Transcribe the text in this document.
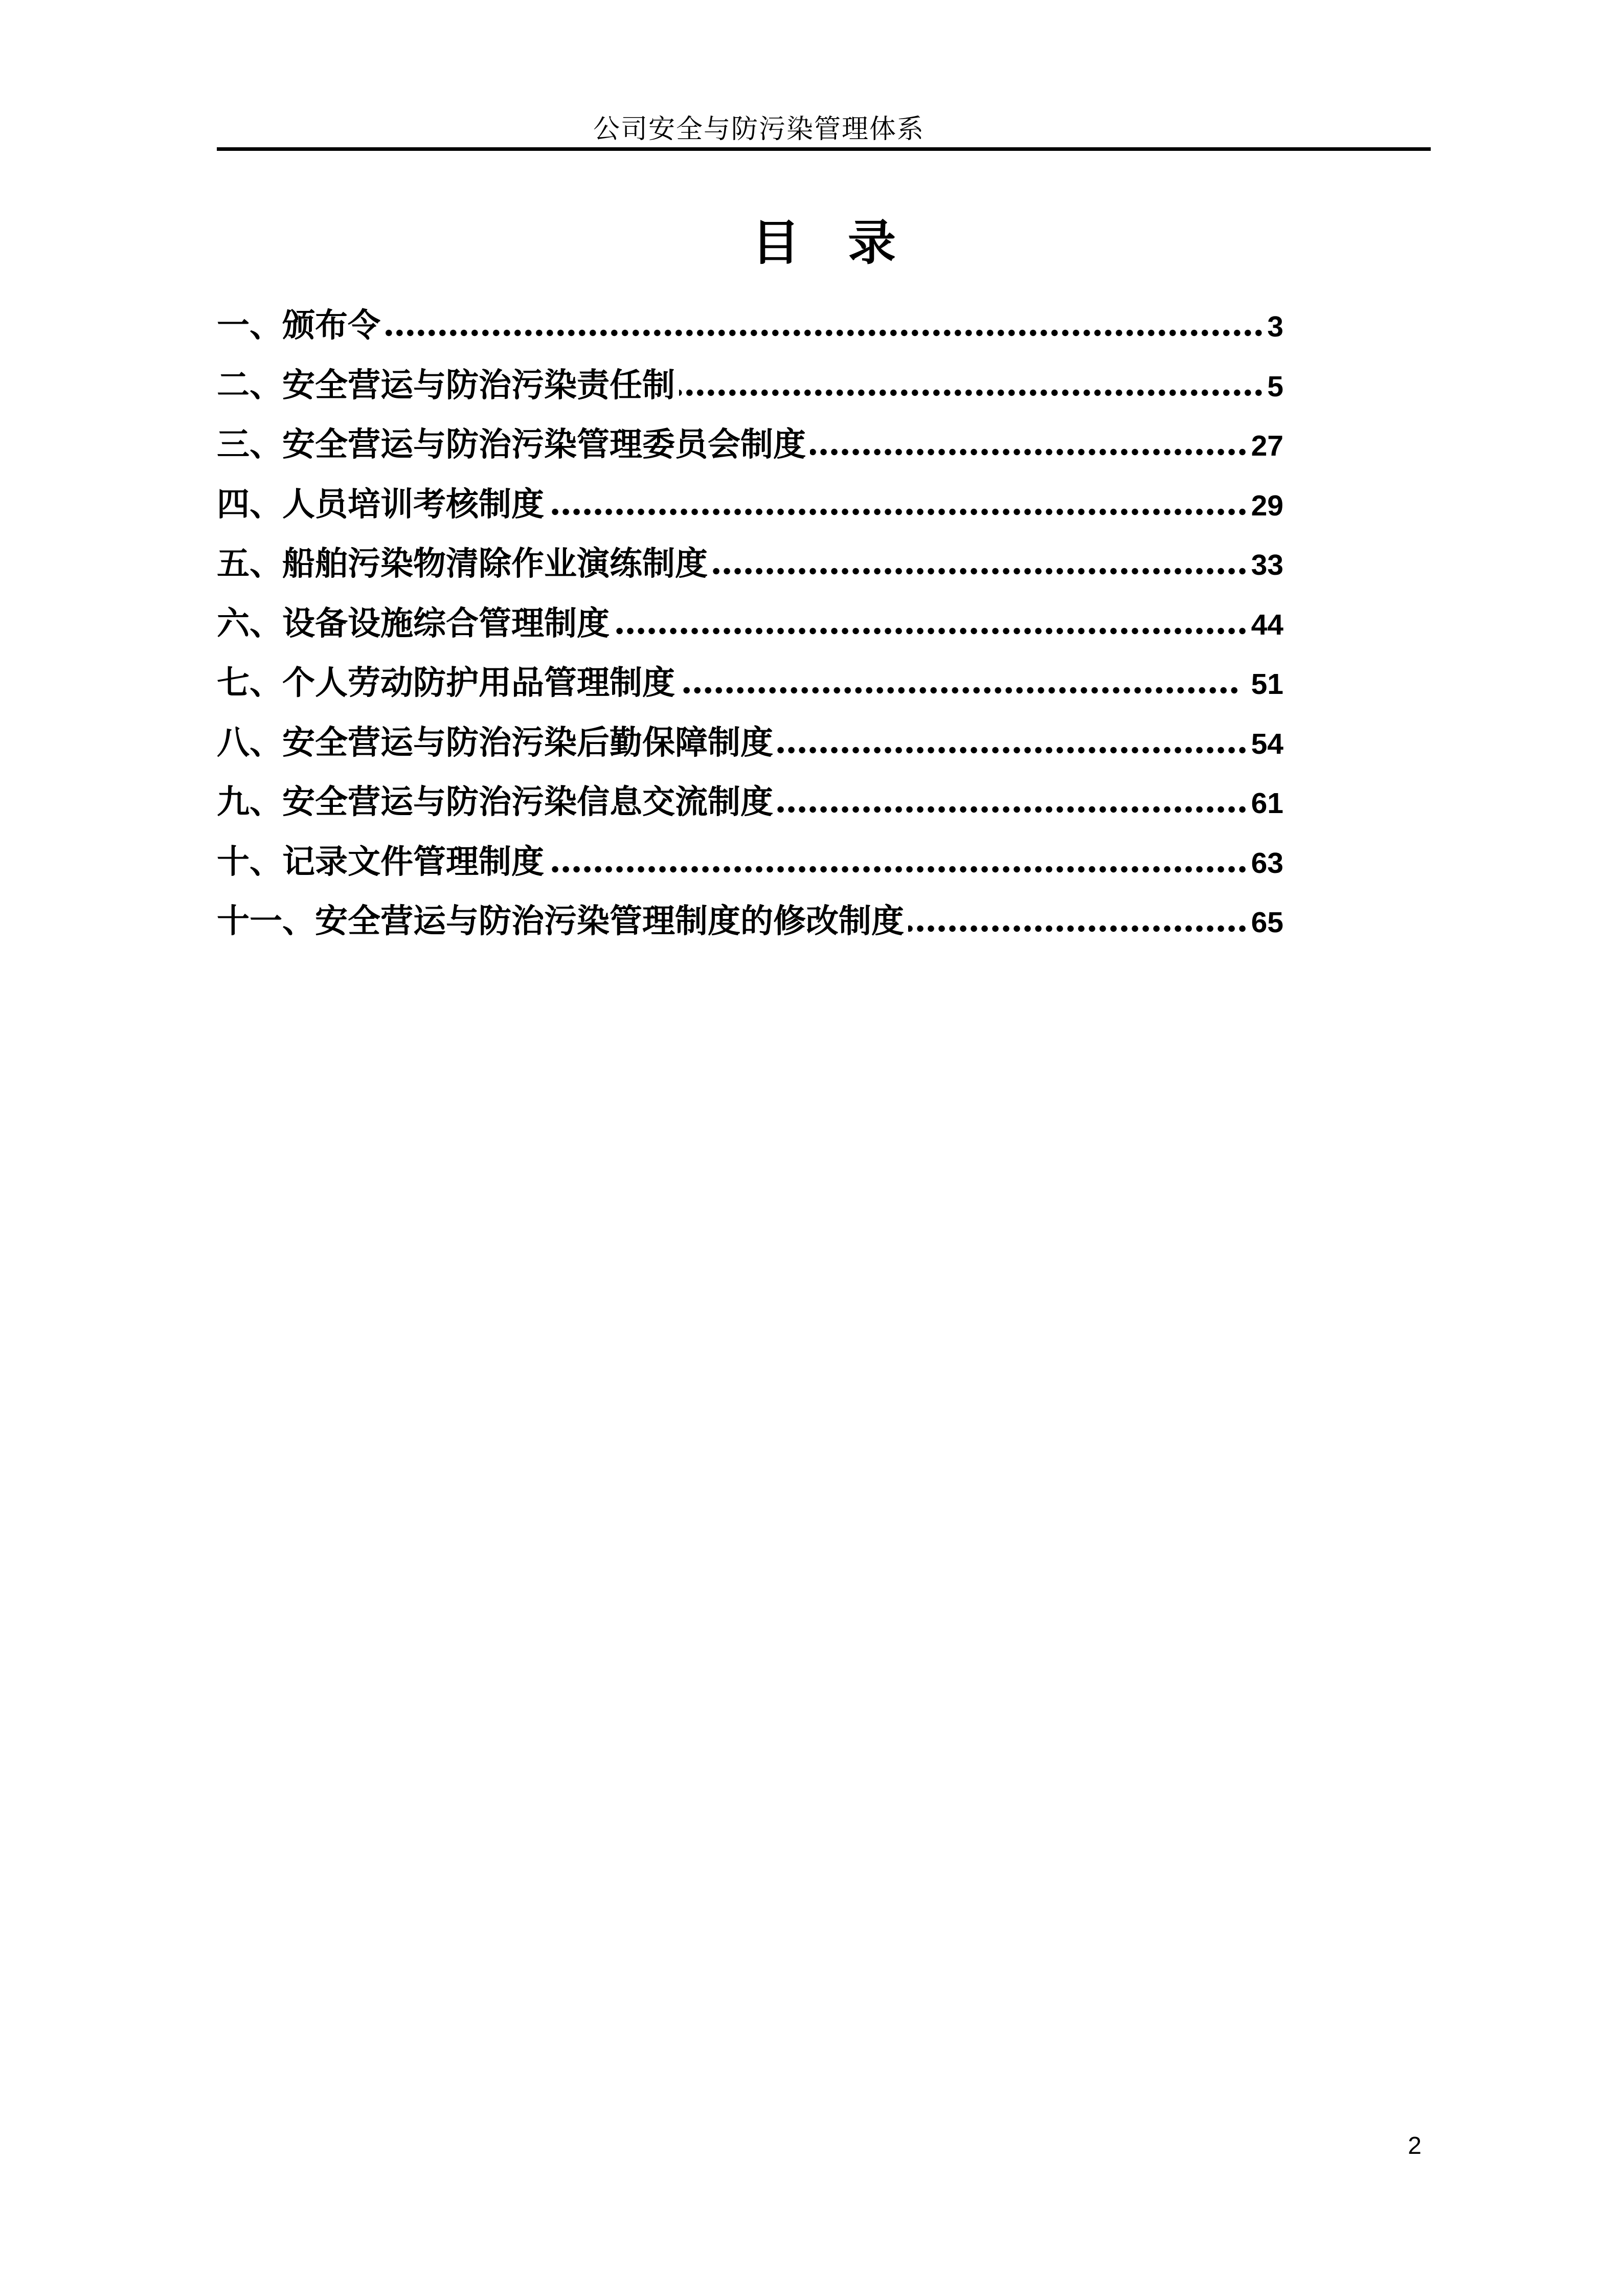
公司安全与防污染管理体系
目　录
一、颁布令	3
二、安全营运与防治污染责任制	5
三、安全营运与防治污染管理委员会制度	27
四、人员培训考核制度	29
五、船舶污染物清除作业演练制度	33
六、设备设施综合管理制度	44
七、个人劳动防护用品管理制度	51
八、安全营运与防治污染后勤保障制度	54
九、安全营运与防治污染信息交流制度	61
十、记录文件管理制度	63
十一、安全营运与防治污染管理制度的修改制度	65
2
